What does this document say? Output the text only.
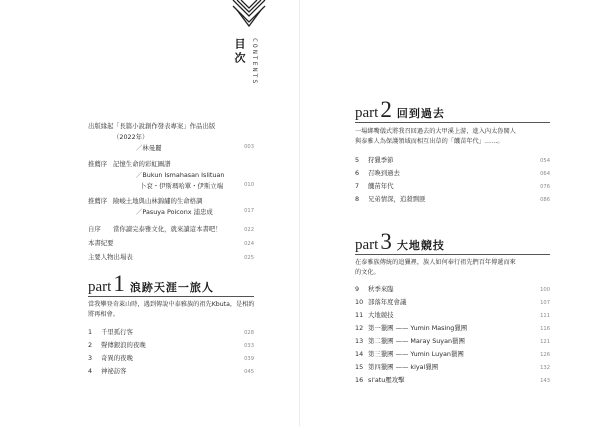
目次 CONTENTS
出版緣起 「長篇小說創作發表專案」作品出版
（2022年）
／林曼麗	003
推薦序 記憶生命的彩虹圖譜
／Bukun Ismahasan Islituan
卜袞・伊斯瑪哈單・伊斯立端	010
推薦序 險峻土地與山林錦繡的生命格調
／Pasuya Poiconx 浦忠成	017
自序	當你讀完泰雅文化，就來讀這本書吧！	022
本書紀要	024
主要人物出場表	025
part 1 浪跡天涯一旅人
當我攀登奇萊山時，遇到傳說中泰雅族的祖先Kbuta，是相約
將再相會。
1	千里孤行客	028
2	聲傳銀浪的夜晚	033
3	奇異的夜晚	039
4	神祕訪客	045
part 2 回到過去
一場綁嘴儀式將我召回過去的大甲溪上游，進入內太魯閣人
與泰雅人為保護領域而相互出草的「饑苗年代」……。
5	狩獵季節	054
6	召喚到過去	064
7	饑苗年代	076
8	兄弟情深，追殺剽匪	086
part 3 大地競技
在泰雅族傳統的追獵裡，族人如何奉行祖先們百年傳遞而來
的文化。
9	秋季來臨	100
10 部落年度會議	107
11 大地競技	111
12 第一獵團 —— Yumin Masing獵團	116
13 第二獵團 —— Maray Suyan獵團	121
14 第三獵團 —— Yumin Luyan獵團	126
15 第四獵團 —— kiyal獵團	132
16 si'atu壓攻擊	143
